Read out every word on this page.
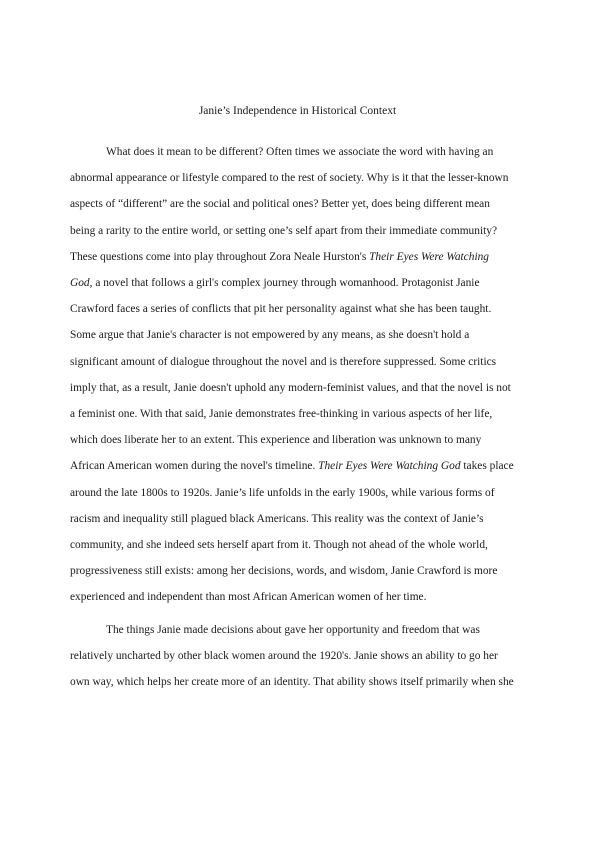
Janie’s Independence in Historical Context
What does it mean to be different? Often times we associate the word with having an
abnormal appearance or lifestyle compared to the rest of society. Why is it that the lesser-known
aspects of “different” are the social and political ones? Better yet, does being different mean
being a rarity to the entire world, or setting one’s self apart from their immediate community?
These questions come into play throughout Zora Neale Hurston's Their Eyes Were Watching
God, a novel that follows a girl's complex journey through womanhood. Protagonist Janie
Crawford faces a series of conflicts that pit her personality against what she has been taught.
Some argue that Janie's character is not empowered by any means, as she doesn't hold a
significant amount of dialogue throughout the novel and is therefore suppressed. Some critics
imply that, as a result, Janie doesn't uphold any modern-feminist values, and that the novel is not
a feminist one. With that said, Janie demonstrates free-thinking in various aspects of her life,
which does liberate her to an extent. This experience and liberation was unknown to many
African American women during the novel's timeline. Their Eyes Were Watching God takes place
around the late 1800s to 1920s. Janie’s life unfolds in the early 1900s, while various forms of
racism and inequality still plagued black Americans. This reality was the context of Janie’s
community, and she indeed sets herself apart from it. Though not ahead of the whole world,
progressiveness still exists: among her decisions, words, and wisdom, Janie Crawford is more
experienced and independent than most African American women of her time.
The things Janie made decisions about gave her opportunity and freedom that was
relatively uncharted by other black women around the 1920's. Janie shows an ability to go her
own way, which helps her create more of an identity. That ability shows itself primarily when she
